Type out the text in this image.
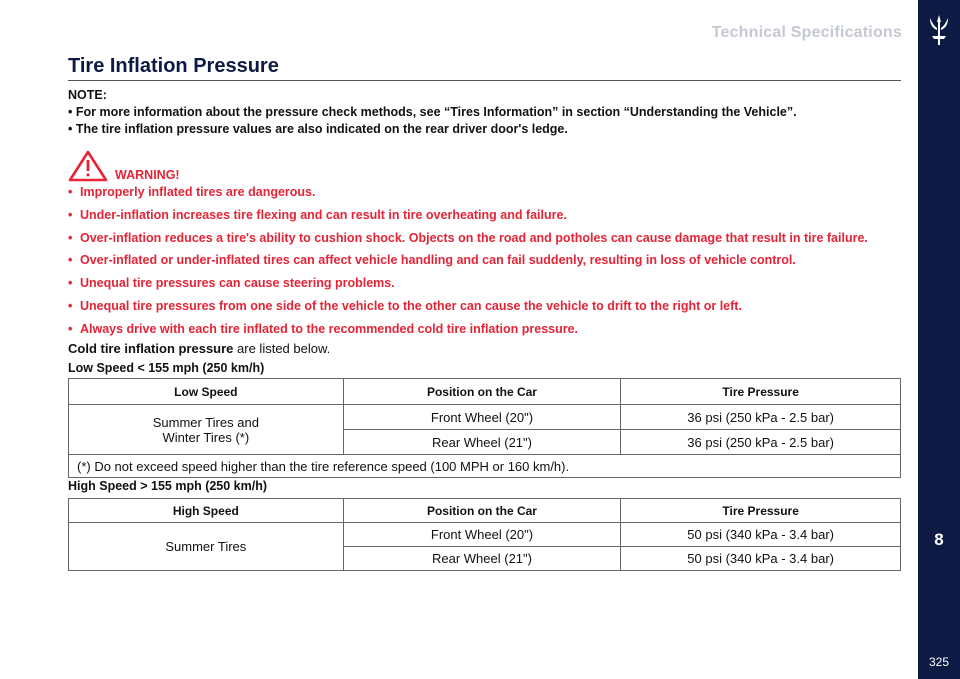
Technical Specifications
8
325
Tire Inflation Pressure
NOTE:
• For more information about the pressure check methods, see “Tires Information” in section “Understanding the Vehicle”.
• The tire inflation pressure values are also indicated on the rear driver door's ledge.
WARNING!
• Improperly inflated tires are dangerous.
• Under-inflation increases tire flexing and can result in tire overheating and failure.
• Over-inflation reduces a tire's ability to cushion shock. Objects on the road and potholes can cause damage that result in tire failure.
• Over-inflated or under-inflated tires can affect vehicle handling and can fail suddenly, resulting in loss of vehicle control.
• Unequal tire pressures can cause steering problems.
• Unequal tire pressures from one side of the vehicle to the other can cause the vehicle to drift to the right or left.
• Always drive with each tire inflated to the recommended cold tire inflation pressure.
Cold tire inflation pressure are listed below.
Low Speed < 155 mph (250 km/h)
Low Speed	Position on the Car	Tire Pressure

Summer Tires and
Winter Tires (*)	Front Wheel (20")	36 psi (250 kPa - 2.5 bar)
	Rear Wheel (21")	36 psi (250 kPa - 2.5 bar)
(*) Do not exceed speed higher than the tire reference speed (100 MPH or 160 km/h).		
High Speed > 155 mph (250 km/h)
High Speed	Position on the Car	Tire Pressure
Summer Tires	Front Wheel (20")	50 psi (340 kPa - 3.4 bar)
	Rear Wheel (21")	50 psi (340 kPa - 3.4 bar)
